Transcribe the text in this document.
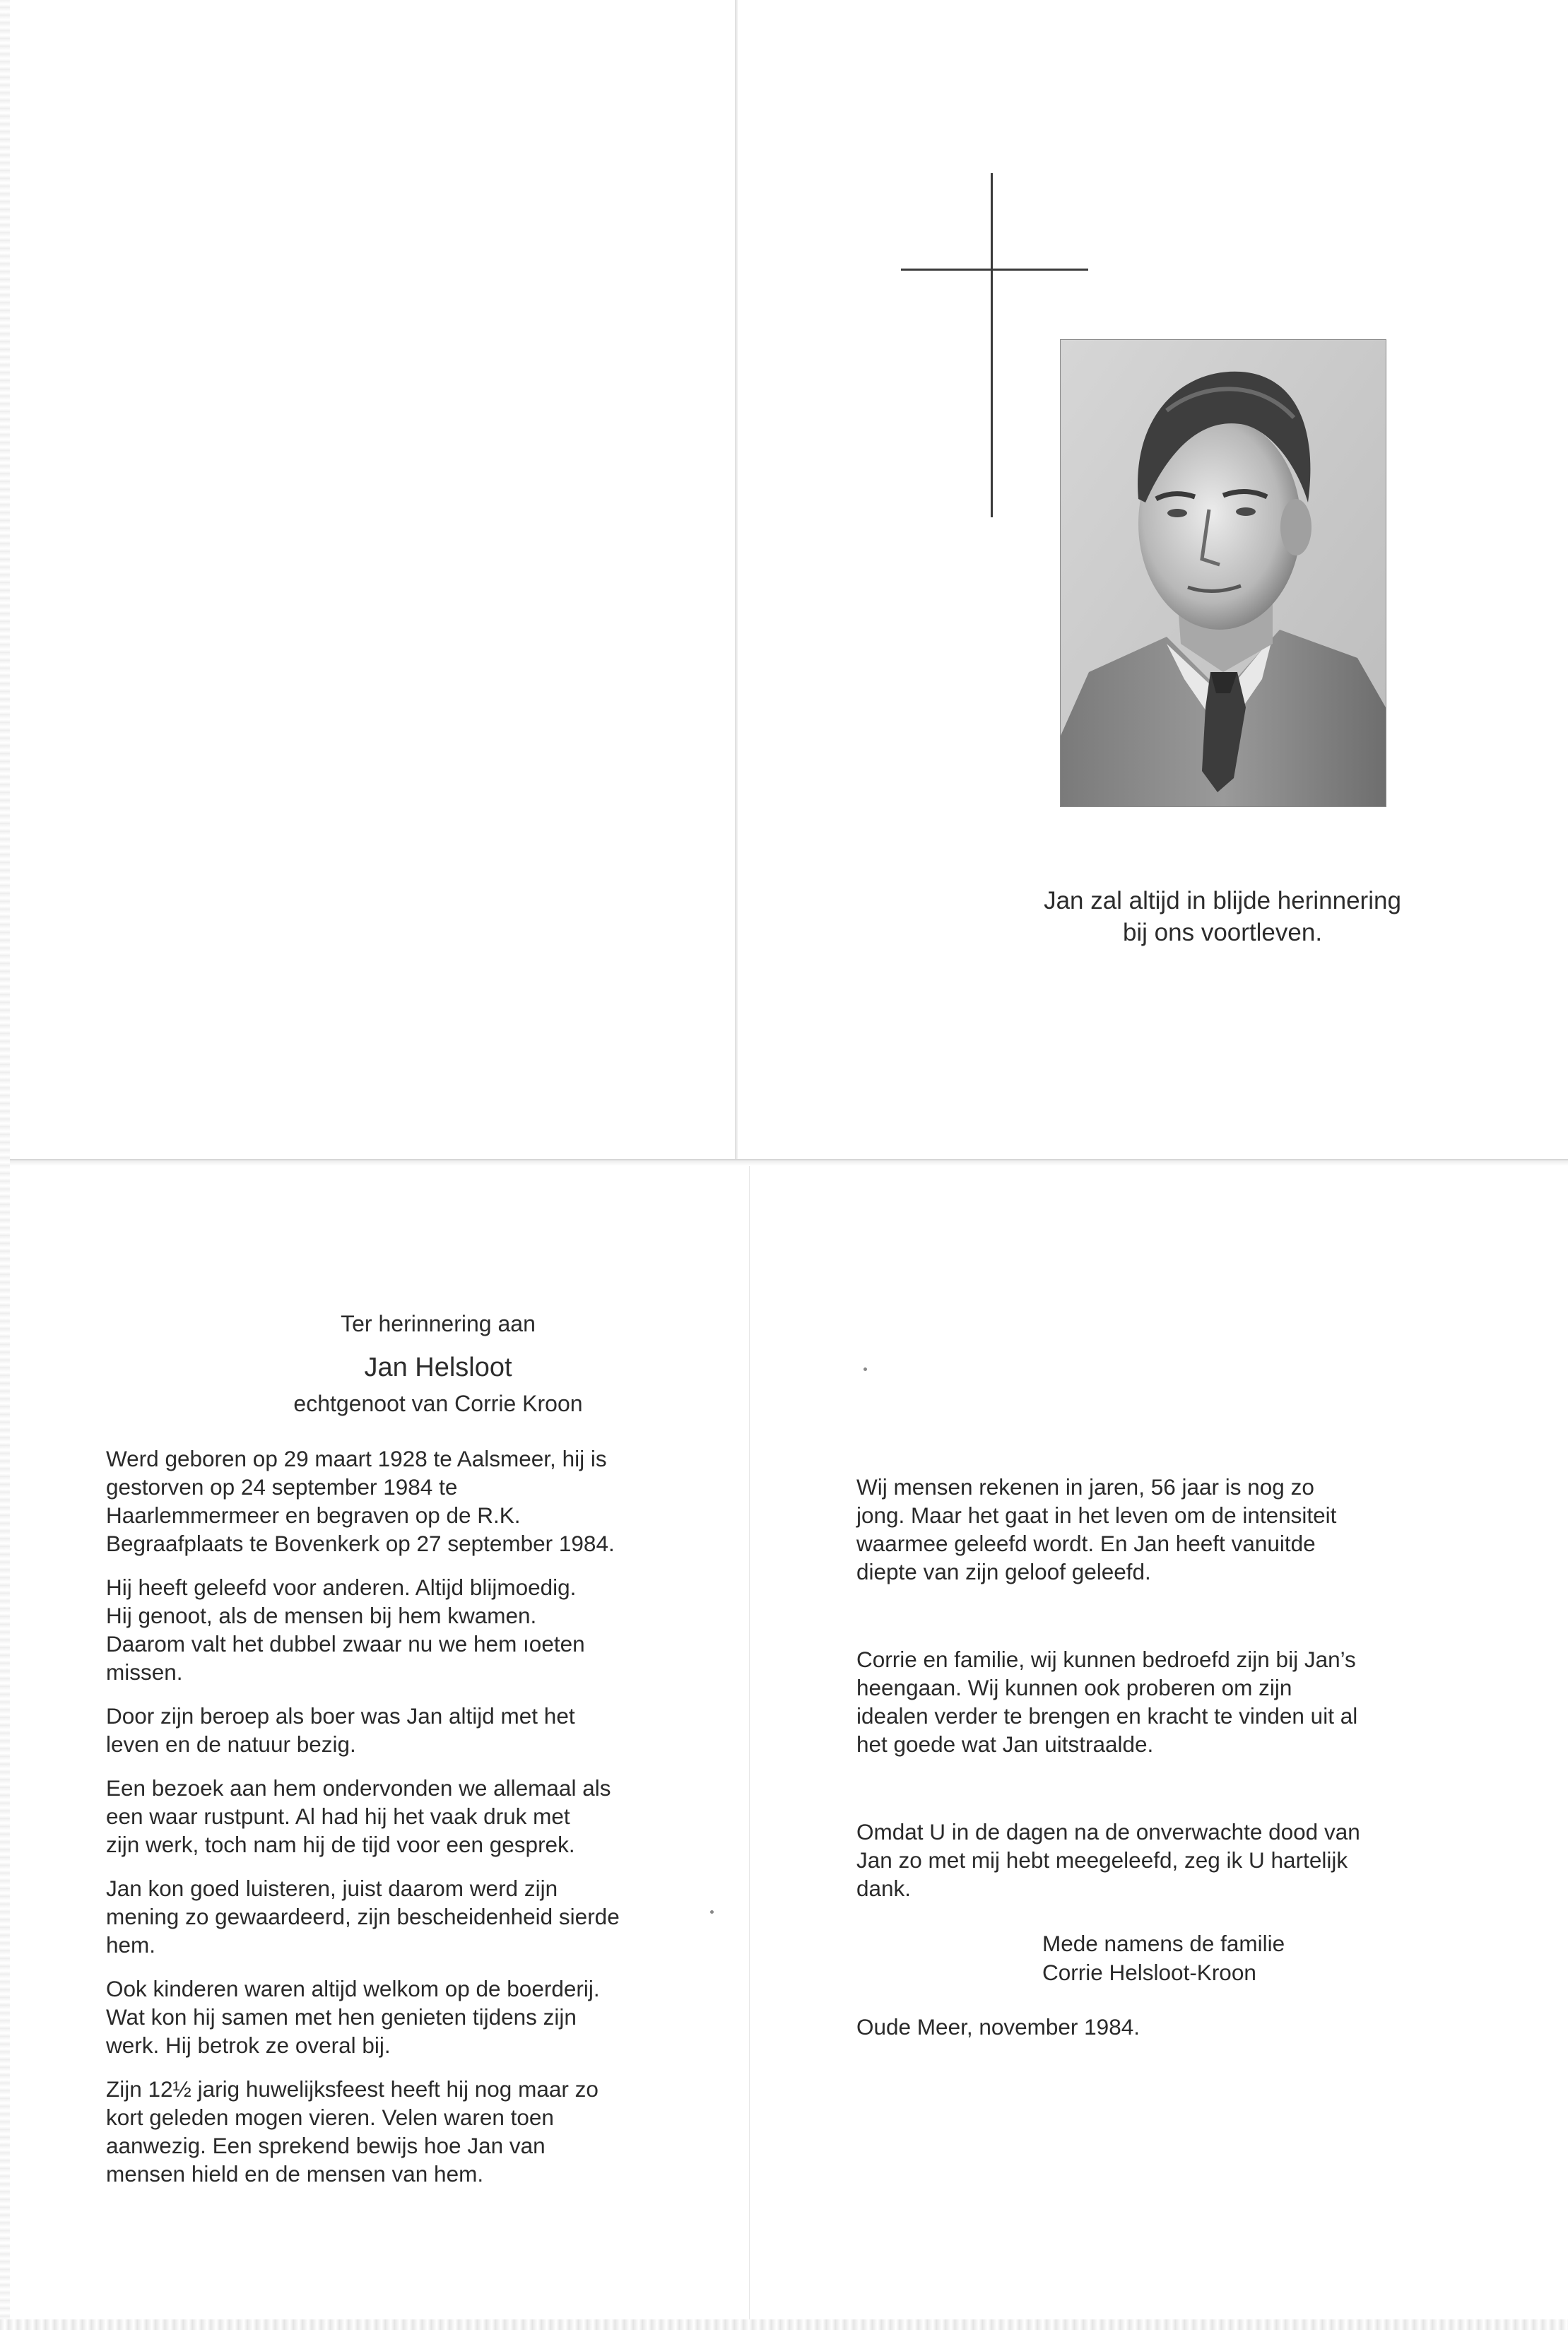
Jan zal altijd in blijde herinnering
bij ons voortleven.
Ter herinnering aan
Jan Helsloot
echtgenoot van Corrie Kroon
Werd geboren op 29 maart 1928 te Aalsmeer, hij is
gestorven op 24 september 1984 te
Haarlemmermeer en begraven op de R.K.
Begraafplaats te Bovenkerk op 27 september 1984.
Hij heeft geleefd voor anderen. Altijd blijmoedig.
Hij genoot, als de mensen bij hem kwamen.
Daarom valt het dubbel zwaar nu we hem ıoeten
missen.
Door zijn beroep als boer was Jan altijd met het
leven en de natuur bezig.
Een bezoek aan hem ondervonden we allemaal als
een waar rustpunt. Al had hij het vaak druk met
zijn werk, toch nam hij de tijd voor een gesprek.
Jan kon goed luisteren, juist daarom werd zijn
mening zo gewaardeerd, zijn bescheidenheid sierde
hem.
Ook kinderen waren altijd welkom op de boerderij.
Wat kon hij samen met hen genieten tijdens zijn
werk. Hij betrok ze overal bij.
Zijn 12½ jarig huwelijksfeest heeft hij nog maar zo
kort geleden mogen vieren. Velen waren toen
aanwezig. Een sprekend bewijs hoe Jan van
mensen hield en de mensen van hem.
Wij mensen rekenen in jaren, 56 jaar is nog zo
jong. Maar het gaat in het leven om de intensiteit
waarmee geleefd wordt. En Jan heeft vanuitde
diepte van zijn geloof geleefd.
Corrie en familie, wij kunnen bedroefd zijn bij Jan’s
heengaan. Wij kunnen ook proberen om zijn
idealen verder te brengen en kracht te vinden uit al
het goede wat Jan uitstraalde.
Omdat U in de dagen na de onverwachte dood van
Jan zo met mij hebt meegeleefd, zeg ik U hartelijk
dank.
Mede namens de familie
Corrie Helsloot-Kroon
Oude Meer, november 1984.
